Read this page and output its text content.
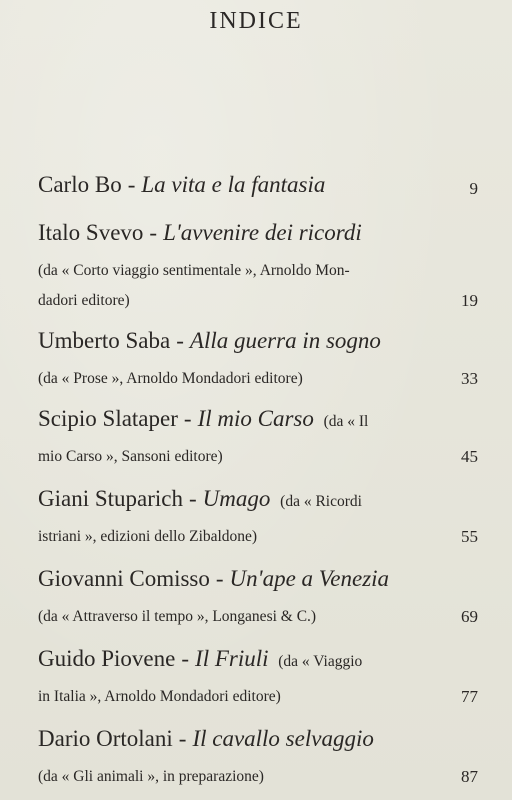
INDICE
Carlo Bo - La vita e la fantasia	9
Italo Svevo - L'avvenire dei ricordi
(da « Corto viaggio sentimentale », Arnoldo Mon-
dadori editore)	19
Umberto Saba - Alla guerra in sogno
(da « Prose », Arnoldo Mondadori editore)	33
Scipio Slataper - Il mio Carso (da « Il
mio Carso », Sansoni editore)	45
Giani Stuparich - Umago (da « Ricordi
istriani », edizioni dello Zibaldone)	55
Giovanni Comisso - Un'ape a Venezia
(da « Attraverso il tempo », Longanesi & C.)	69
Guido Piovene - Il Friuli (da « Viaggio
in Italia », Arnoldo Mondadori editore)	77
Dario Ortolani - Il cavallo selvaggio
(da « Gli animali », in preparazione)	87
